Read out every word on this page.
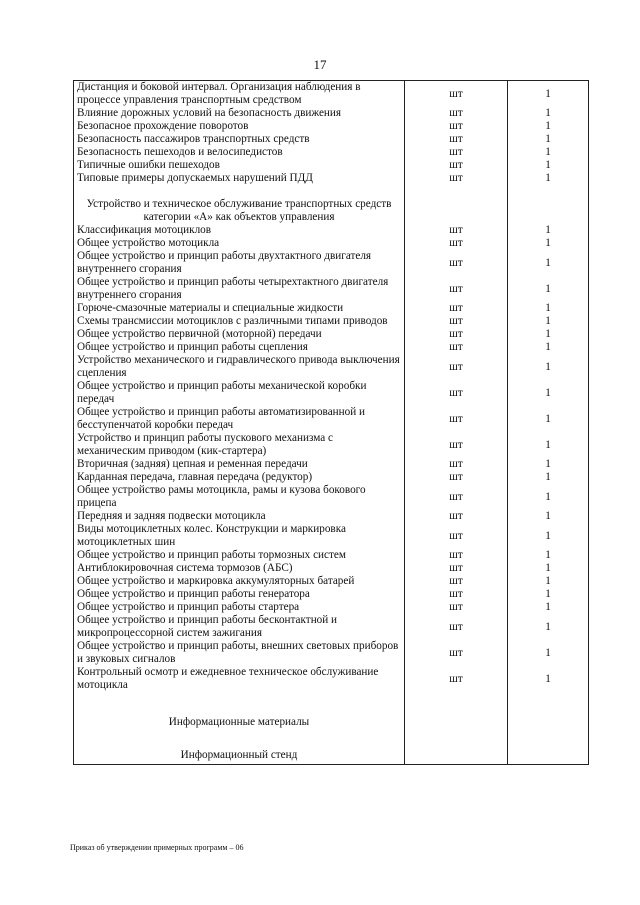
17
Дистанция и боковой интервал. Организация наблюдения в процессе управления транспортным средством	шт	1
Влияние дорожных условий на безопасность движения	шт	1
Безопасное прохождение поворотов	шт	1
Безопасность пассажиров транспортных средств	шт	1
Безопасность пешеходов и велосипедистов	шт	1
Типичные ошибки пешеходов	шт	1
Типовые примеры допускаемых нарушений ПДД	шт	1

Устройство и техническое обслуживание транспортных средств категории «А» как объектов управления		
Классификация мотоциклов	шт	1
Общее устройство мотоцикла	шт	1
Общее устройство и принцип работы двухтактного двигателя внутреннего сгорания	шт	1
Общее устройство и принцип работы четырехтактного двигателя внутреннего сгорания	шт	1
Горюче-смазочные материалы и специальные жидкости	шт	1
Схемы трансмиссии мотоциклов с различными типами приводов	шт	1
Общее устройство первичной (моторной) передачи	шт	1
Общее устройство и принцип работы сцепления	шт	1
Устройство механического и гидравлического привода выключения сцепления	шт	1
Общее устройство и принцип работы механической коробки передач	шт	1
Общее устройство и принцип работы автоматизированной и бесступенчатой коробки передач	шт	1
Устройство и принцип работы пускового механизма с механическим приводом (кик-стартера)	шт	1
Вторичная (задняя) цепная и ременная передачи	шт	1
Карданная передача, главная передача (редуктор)	шт	1
Общее устройство рамы мотоцикла, рамы и кузова бокового прицепа	шт	1
Передняя и задняя подвески мотоцикла	шт	1
Виды мотоциклетных колес. Конструкции и маркировка мотоциклетных шин	шт	1
Общее устройство и принцип работы тормозных систем	шт	1
Антиблокировочная система тормозов (АБС)	шт	1
Общее устройство и маркировка аккумуляторных батарей	шт	1
Общее устройство и принцип работы генератора	шт	1
Общее устройство и принцип работы стартера	шт	1
Общее устройство и принцип работы бесконтактной и микропроцессорной систем зажигания	шт	1
Общее устройство и принцип работы, внешних световых приборов и звуковых сигналов	шт	1
Контрольный осмотр и ежедневное техническое обслуживание мотоцикла	шт	1

Информационные материалы		

Информационный стенд		
Приказ об утверждении примерных программ – 06
